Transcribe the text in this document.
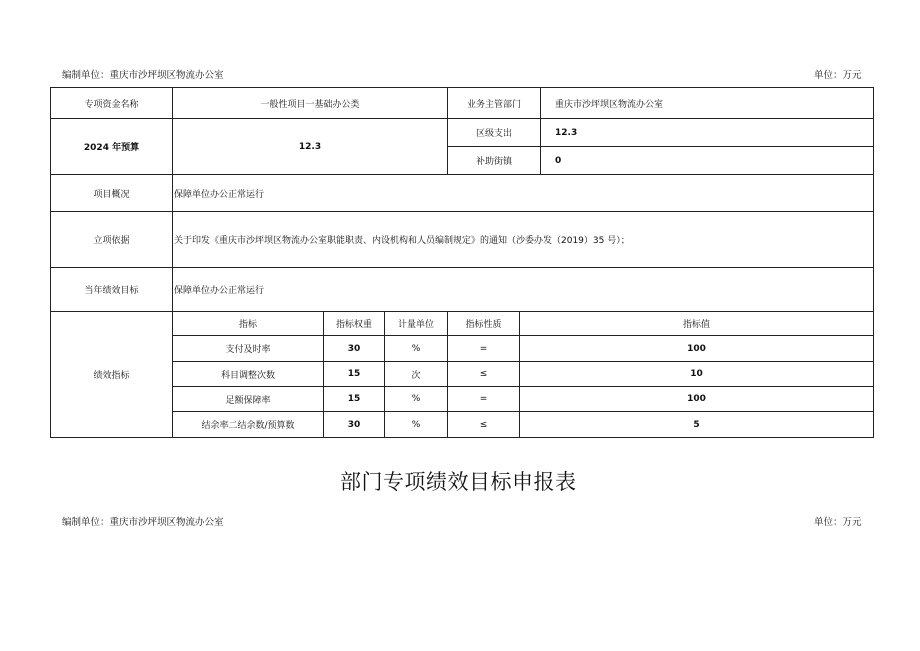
编制单位：重庆市沙坪坝区物流办公室	单位：万元
专项资金名称	一般性项目一基础办公类	业务主管部门	重庆市沙坪坝区物流办公室
2024 年预算	12.3
区级支出	12.3
补助街镇	0
项目概况	保障单位办公正常运行
立项依据	关于印发《重庆市沙坪坝区物流办公室职能职责、内设机构和人员编制规定》的通知（沙委办发（2019）35 号）；
当年绩效目标	保障单位办公正常运行
绩效指标
指标	指标权重	计量单位	指标性质	指标值
支付及时率	30	%	=	100
科目调整次数	15	次	≤	10
足额保障率	15	%	=	100
结余率二结余数/预算数	30	%	≤	5
部门专项绩效目标申报表
编制单位：重庆市沙坪坝区物流办公室	单位：万元
